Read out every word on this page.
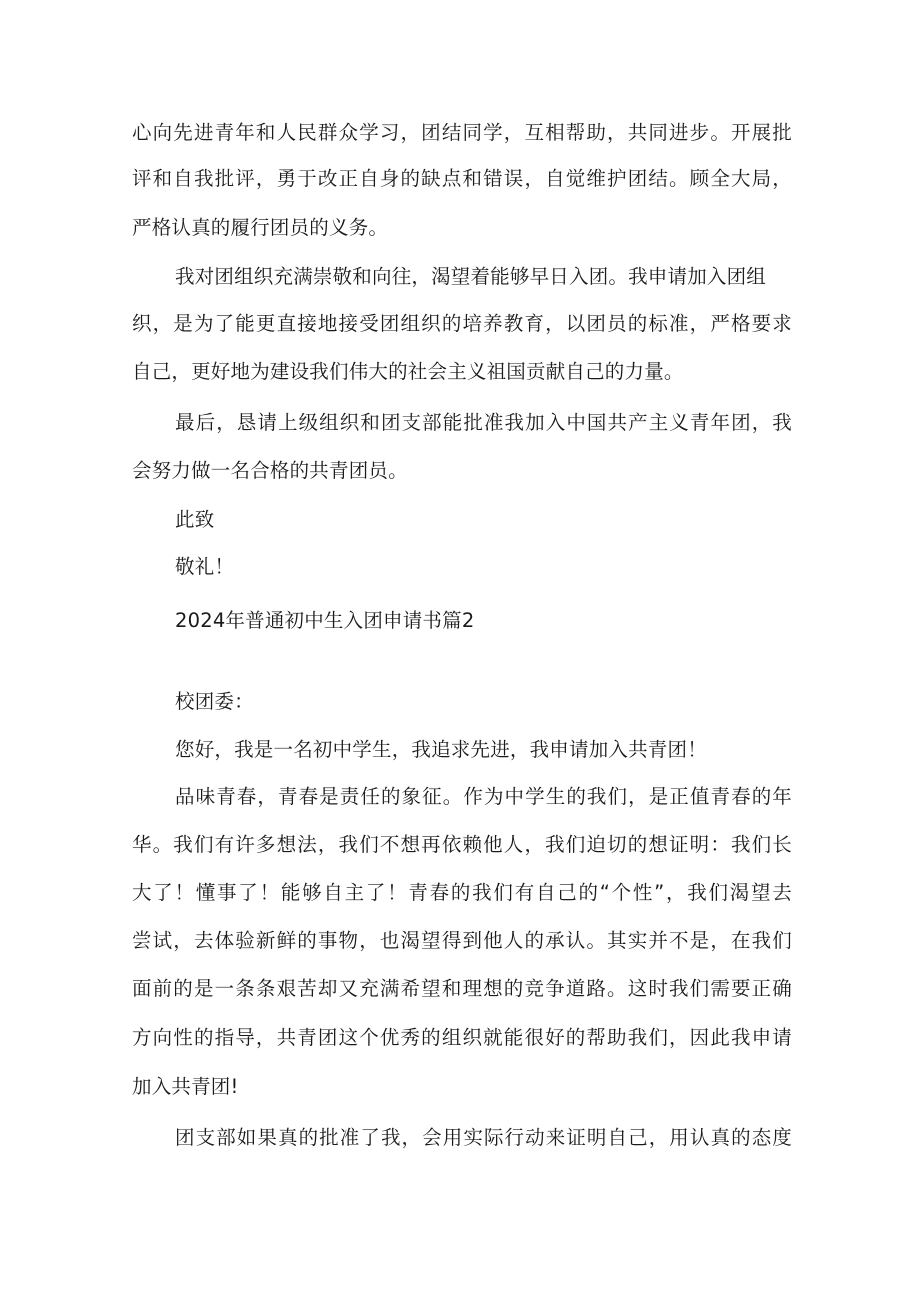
心向先进青年和人民群众学习，团结同学，互相帮助，共同进步。开展批
评和自我批评，勇于改正自身的缺点和错误，自觉维护团结。顾全大局，
严格认真的履行团员的义务。
我对团组织充满崇敬和向往，渴望着能够早日入团。我申请加入团组
织，是为了能更直接地接受团组织的培养教育，以团员的标准，严格要求
自己，更好地为建设我们伟大的社会主义祖国贡献自己的力量。
最后，恳请上级组织和团支部能批准我加入中国共产主义青年团，我
会努力做一名合格的共青团员。
此致
敬礼！
2024年普通初中生入团申请书篇2
校团委：
您好，我是一名初中学生，我追求先进，我申请加入共青团！
品味青春，青春是责任的象征。作为中学生的我们，是正值青春的年
华。我们有许多想法，我们不想再依赖他人，我们迫切的想证明：我们长
大了！懂事了！能够自主了！青春的我们有自己的“个性”，我们渴望去
尝试，去体验新鲜的事物，也渴望得到他人的承认。其实并不是，在我们
面前的是一条条艰苦却又充满希望和理想的竞争道路。这时我们需要正确
方向性的指导，共青团这个优秀的组织就能很好的帮助我们，因此我申请
加入共青团!
团支部如果真的批准了我，会用实际行动来证明自己，用认真的态度
